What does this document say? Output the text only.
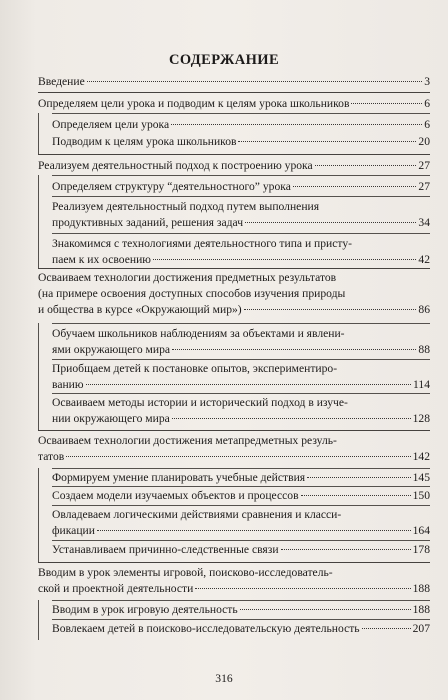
СОДЕРЖАНИЕ
Введение	3
Определяем цели урока и подводим к целям урока школьников	6
Определяем цели урока	6
Подводим к целям урока школьников	20
Реализуем деятельностный подход к построению урока	27
Определяем структуру “деятельностного” урока	27
Реализуем деятельностный подход путем выполнения
продуктивных заданий, решения задач	34
Знакомимся с технологиями деятельностного типа и присту-
паем к их освоению	42
Осваиваем технологии достижения предметных результатов
(на примере освоения доступных способов изучения природы
и общества в курсе «Окружающий мир»)	86
Обучаем школьников наблюдениям за объектами и явлени-
ями окружающего мира	88
Приобщаем детей к постановке опытов, экспериментиро-
ванию	114
Осваиваем методы истории и исторический подход в изуче-
нии окружающего мира	128
Осваиваем технологии достижения метапредметных резуль-
татов	142
Формируем умение планировать учебные действия	145
Создаем модели изучаемых объектов и процессов	150
Овладеваем логическими действиями сравнения и класси-
фикации	164
Устанавливаем причинно-следственные связи	178
Вводим в урок элементы игровой, поисково-исследователь-
ской и проектной деятельности	188
Вводим в урок игровую деятельность	188
Вовлекаем детей в поисково-исследовательскую деятельность	207
316
